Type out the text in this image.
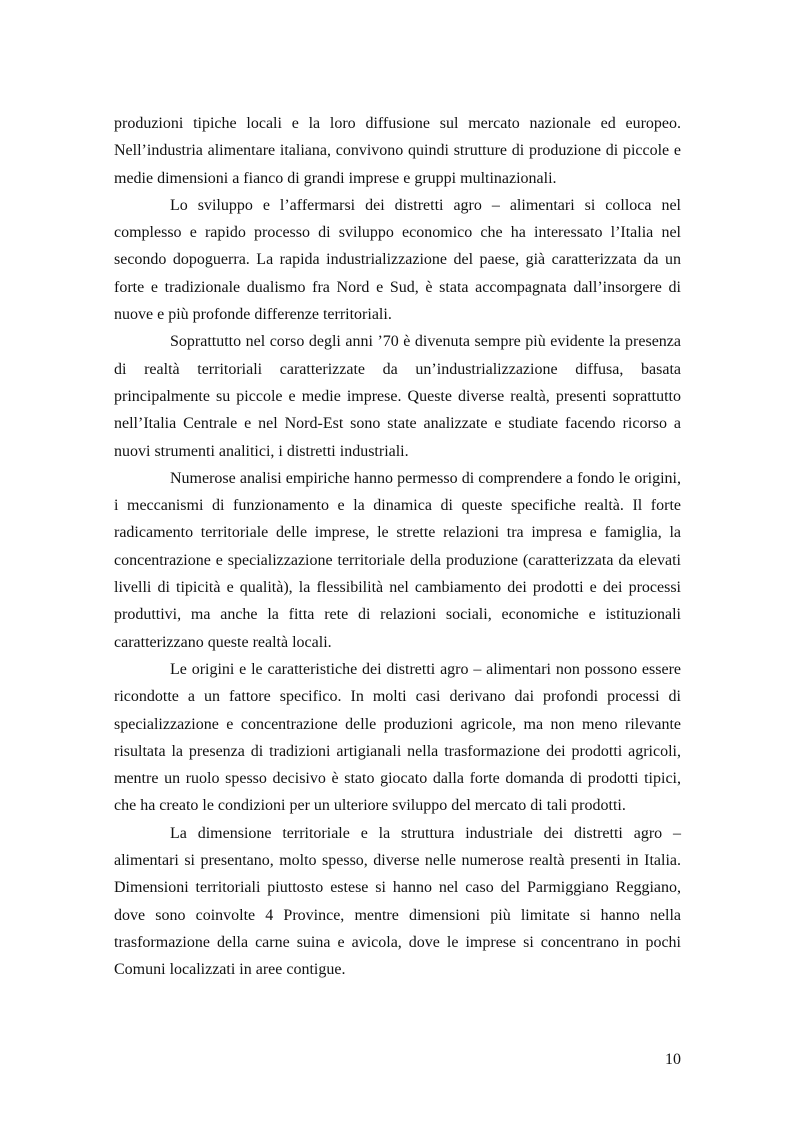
produzioni tipiche locali e la loro diffusione sul mercato nazionale ed europeo. Nell’industria alimentare italiana, convivono quindi strutture di produzione di piccole e medie dimensioni a fianco di grandi imprese e gruppi multinazionali.

Lo sviluppo e l’affermarsi dei distretti agro – alimentari si colloca nel complesso e rapido processo di sviluppo economico che ha interessato l’Italia nel secondo dopoguerra. La rapida industrializzazione del paese, già caratterizzata da un forte e tradizionale dualismo fra Nord e Sud, è stata accompagnata dall’insorgere di nuove e più profonde differenze territoriali.

Soprattutto nel corso degli anni ’70 è divenuta sempre più evidente la presenza di realtà territoriali caratterizzate da un’industrializzazione diffusa, basata principalmente su piccole e medie imprese. Queste diverse realtà, presenti soprattutto nell’Italia Centrale e nel Nord-Est sono state analizzate e studiate facendo ricorso a nuovi strumenti analitici, i distretti industriali.

Numerose analisi empiriche hanno permesso di comprendere a fondo le origini, i meccanismi di funzionamento e la dinamica di queste specifiche realtà. Il forte radicamento territoriale delle imprese, le strette relazioni tra impresa e famiglia, la concentrazione e specializzazione territoriale della produzione (caratterizzata da elevati livelli di tipicità e qualità), la flessibilità nel cambiamento dei prodotti e dei processi produttivi, ma anche la fitta rete di relazioni sociali, economiche e istituzionali caratterizzano queste realtà locali.

Le origini e le caratteristiche dei distretti agro – alimentari non possono essere ricondotte a un fattore specifico. In molti casi derivano dai profondi processi di specializzazione e concentrazione delle produzioni agricole, ma non meno rilevante risultata la presenza di tradizioni artigianali nella trasformazione dei prodotti agricoli, mentre un ruolo spesso decisivo è stato giocato dalla forte domanda di prodotti tipici, che ha creato le condizioni per un ulteriore sviluppo del mercato di tali prodotti.

La dimensione territoriale e la struttura industriale dei distretti agro – alimentari si presentano, molto spesso, diverse nelle numerose realtà presenti in Italia. Dimensioni territoriali piuttosto estese si hanno nel caso del Parmiggiano Reggiano, dove sono coinvolte 4 Province, mentre dimensioni più limitate si hanno nella trasformazione della carne suina e avicola, dove le imprese si concentrano in pochi Comuni localizzati in aree contigue.

10
